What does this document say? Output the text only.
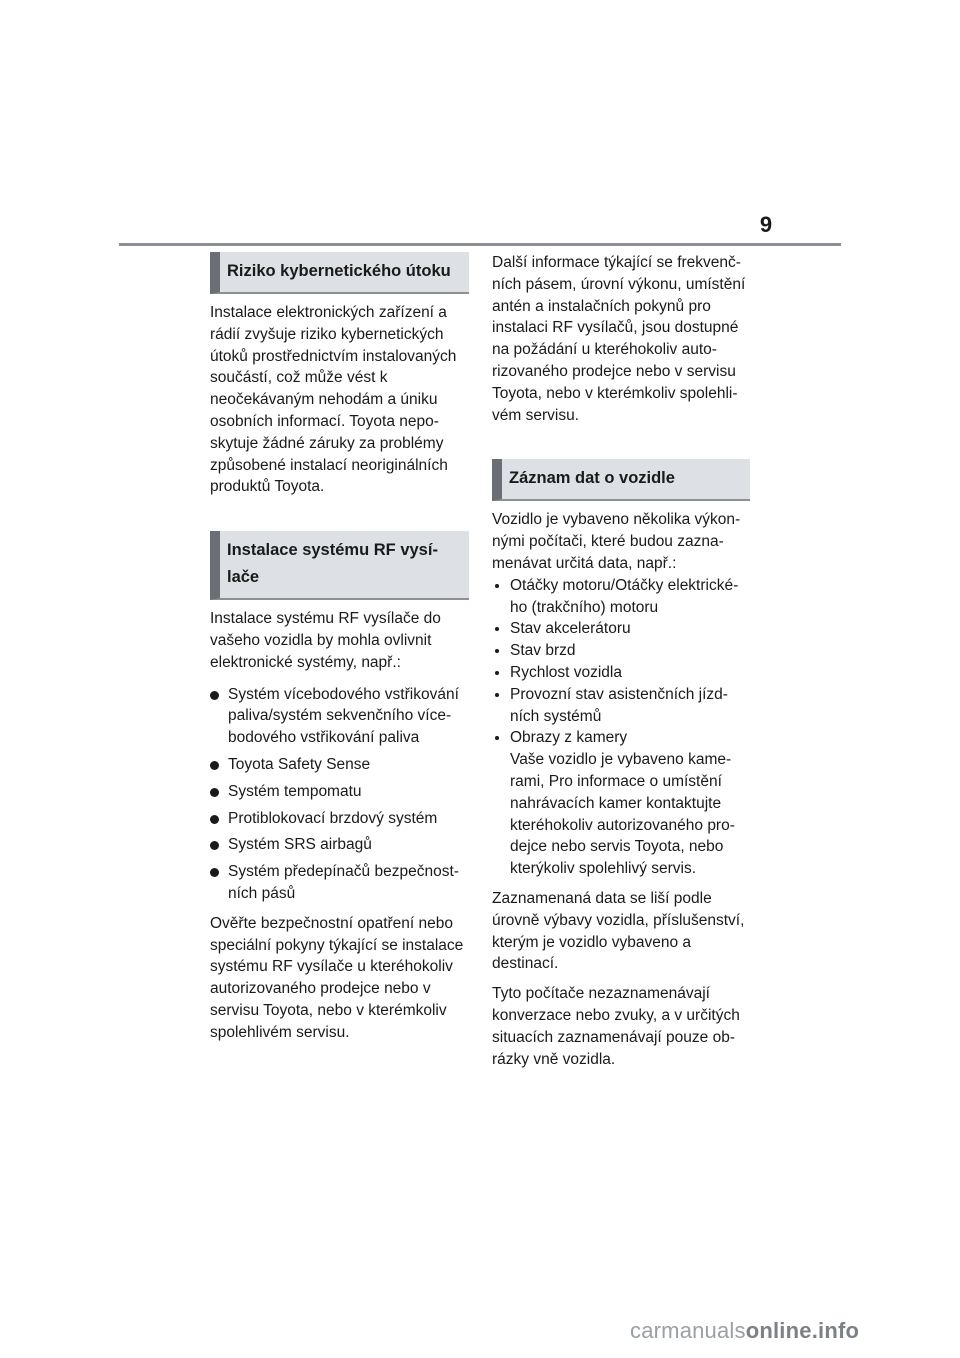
9
Riziko kybernetického útoku

Instalace elektronických zařízení a rádií zvyšuje riziko kybernetických útoků prostřednictvím instalovaných součástí, což může vést k neočekávaným nehodám a úniku osobních informací. Toyota neposkytuje žádné záruky za problémy způsobené instalací neoriginálních produktů Toyota.

Instalace systému RF vysílače

Instalace systému RF vysílače do vašeho vozidla by mohla ovlivnit elektronické systémy, např.:

Systém vícebodového vstřikování paliva/systém sekvenčního vícebodového vstřikování paliva
Toyota Safety Sense
Systém tempomatu
Protiblokovací brzdový systém
Systém SRS airbagů
Systém předepínačů bezpečnostních pásů

Ověřte bezpečnostní opatření nebo speciální pokyny týkající se instalace systému RF vysílače u kteréhokoliv autorizovaného prodejce nebo v servisu Toyota, nebo v kterémkoliv spolehlivém servisu.

Další informace týkající se frekvenčních pásem, úrovní výkonu, umístění antén a instalačních pokynů pro instalaci RF vysílačů, jsou dostupné na požádání u kteréhokoliv autorizovaného prodejce nebo v servisu Toyota, nebo v kterémkoliv spolehlivém servisu.

Záznam dat o vozidle

Vozidlo je vybaveno několika výkonnými počítači, které budou zaznamenávat určitá data, např.:

Otáčky motoru/Otáčky elektrického (trakčního) motoru
Stav akcelerátoru
Stav brzd
Rychlost vozidla
Provozní stav asistenčních jízdních systémů
Obrazy z kamery
Vaše vozidlo je vybaveno kamerami, Pro informace o umístění nahrávacích kamer kontaktujte kteréhokoliv autorizovaného prodejce nebo servis Toyota, nebo kterýkoliv spolehlivý servis.

Zaznamenaná data se liší podle úrovně výbavy vozidla, příslušenství, kterým je vozidlo vybaveno a destinací.

Tyto počítače nezaznamenávají konverzace nebo zvuky, a v určitých situacích zaznamenávají pouze obrázky vně vozidla.

carmanualsonline.info
